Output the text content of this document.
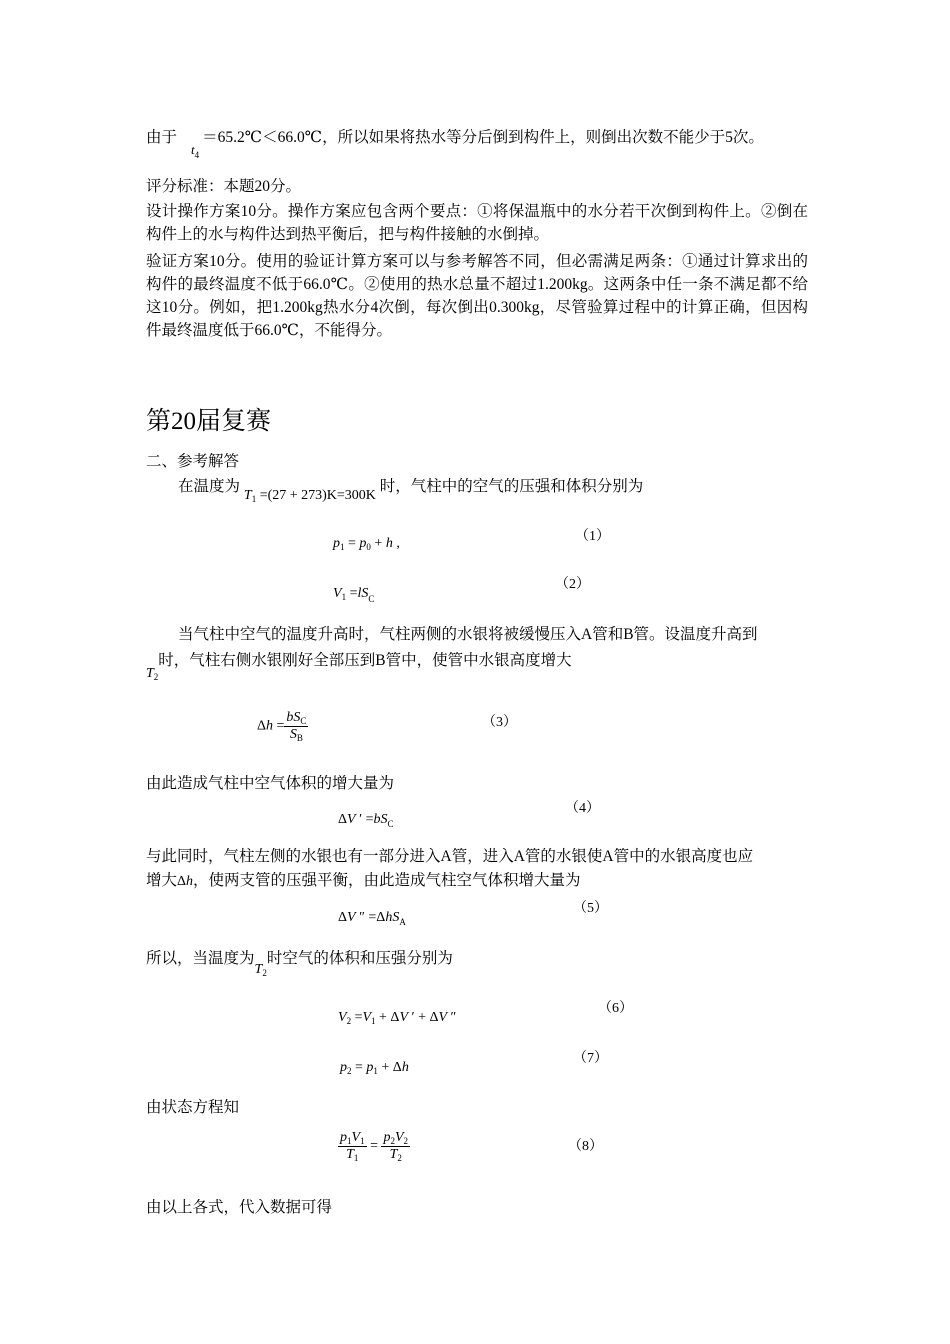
由于$_{t4}$＝65.2℃＜66.0℃，所以如果将热水等分后倒到构件上，则倒出次数不能少于5次。
评分标准：本题20分。
设计操作方案10分。操作方案应包含两个要点：①将保温瓶中的水分若干次倒到构件上。②倒在构件上的水与构件达到热平衡后，把与构件接触的水倒掉。
验证方案10分。使用的验证计算方案可以与参考解答不同，但必需满足两条：①通过计算求出的构件的最终温度不低于66.0℃。②使用的热水总量不超过1.200kg。这两条中任一条不满足都不给这10分。例如，把1.200kg热水分4次倒，每次倒出0.300kg，尽管验算过程中的计算正确，但因构件最终温度低于66.0℃，不能得分。
第20届复赛
二、参考解答
在温度为 $T_1 =(27 + 273)K=300K$ 时，气柱中的空气的压强和体积分别为
$p_1 = p_0 + h$ ,	（1）
$V_1 =lS_C$
（2）
当气柱中空气的温度升高时，气柱两侧的水银将被缓慢压入A管和B管。设温度升高到
$T_2$时，气柱右侧水银刚好全部压到B管中，使管中水银高度增大
$\Delta h = \frac{bS_C}{S_B}$	（3）
由此造成气柱中空气体积的增大量为
ΔV ′ $=bS_C$
（4）
与此同时，气柱左侧的水银也有一部分进入A管，进入A管的水银使A管中的水银高度也应
增大Δh，使两支管的压强平衡，由此造成气柱空气体积增大量为
ΔV ″ =ΔhS$_A$
（5）
所以，当温度为$T_2$时空气的体积和压强分别为
$V_2 =V_1 + \Delta V$ ′ + ΔV ″
（6）
$p_2 = p_1 + \Delta h$
（7）
由状态方程知
$\frac{p_1V_1}{T_1} = \frac{p_2V_2}{T_2}$	（8）
由以上各式，代入数据可得
